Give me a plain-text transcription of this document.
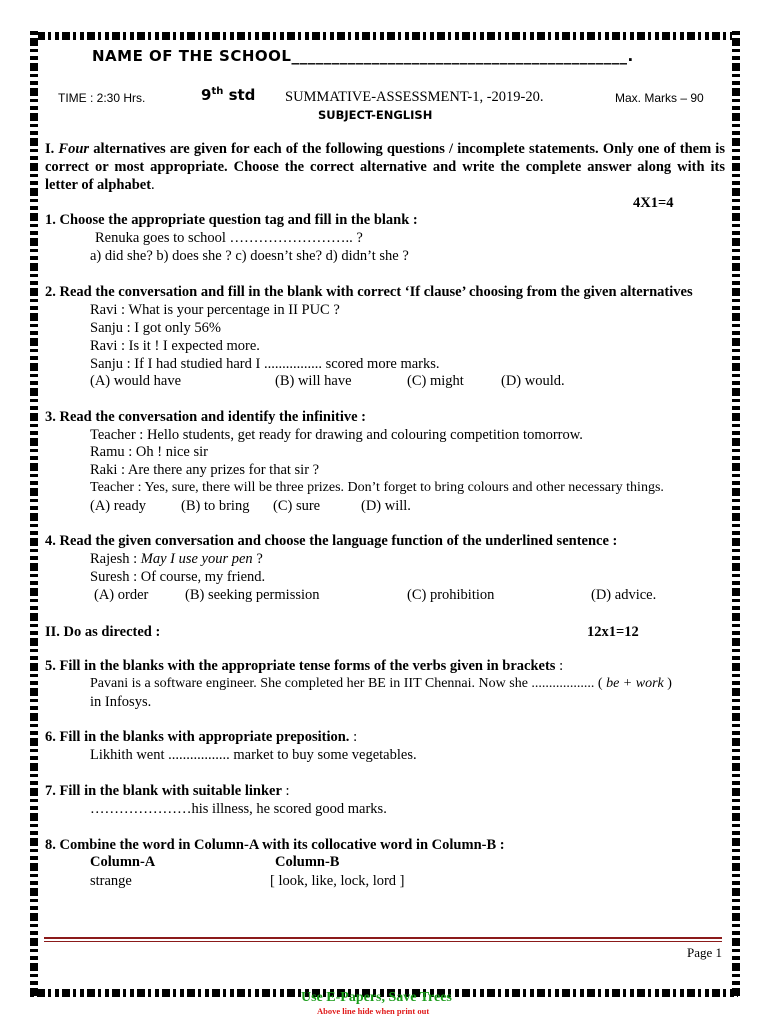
NAME OF THE SCHOOL__________________________________________.
TIME : 2:30 Hrs.	9th std SUMMATIVE-ASSESSMENT-1, -2019-20.	Max. Marks – 90
SUBJECT-ENGLISH
I. Four alternatives are given for each of the following questions / incomplete statements. Only one of them is correct or most appropriate. Choose the correct alternative and write the complete answer along with its letter of alphabet.
4X1=4
1. Choose the appropriate question tag and fill in the blank :
Renuka goes to school …………………….. ?
a) did she? b) does she ? c) doesn’t she? d) didn’t she ?
2. Read the conversation and fill in the blank with correct ‘If clause’ choosing from the given alternatives
Ravi : What is your percentage in II PUC ?
Sanju : I got only 56%
Ravi : Is it ! I expected more.
Sanju : If I had studied hard I ................ scored more marks.
(A) would have	(B) will have	(C) might	(D) would.
3. Read the conversation and identify the infinitive :
Teacher : Hello students, get ready for drawing and colouring competition tomorrow.
Ramu : Oh ! nice sir
Raki : Are there any prizes for that sir ?
Teacher : Yes, sure, there will be three prizes. Don’t forget to bring colours and other necessary things.
(A) ready (B) to bring (C) sure	(D) will.
4. Read the given conversation and choose the language function of the underlined sentence :
Rajesh : May I use your pen ?
Suresh : Of course, my friend.
(A) order	(B) seeking permission	(C) prohibition	(D) advice.
II. Do as directed :	12x1=12
5. Fill in the blanks with the appropriate tense forms of the verbs given in brackets :
Pavani is a software engineer. She completed her BE in IIT Chennai. Now she .................. ( be + work )
in Infosys.
6. Fill in the blanks with appropriate preposition. :
Likhith went ................. market to buy some vegetables.
7. Fill in the blank with suitable linker :
…………………his illness, he scored good marks.
8. Combine the word in Column-A with its collocative word in Column-B :
Column-A	Column-B
strange	[ look, like, lock, lord ]
Page 1
Use E-Papers, Save Trees
Above line hide when print out
